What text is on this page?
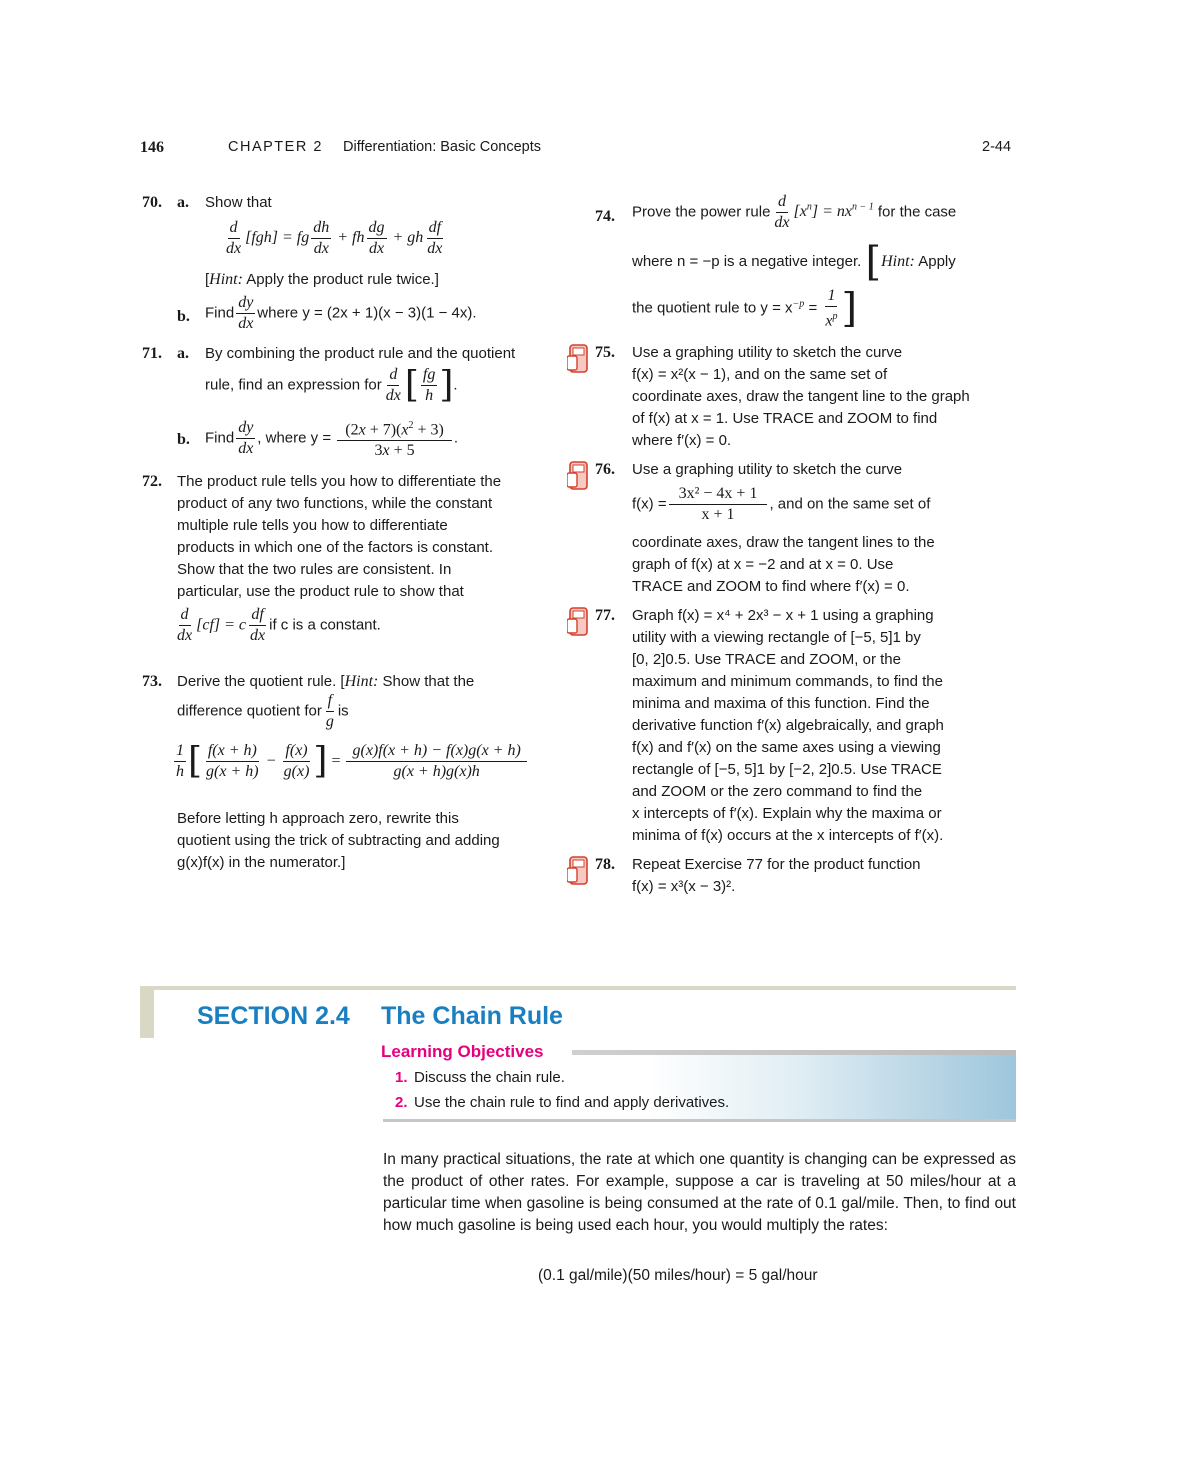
146	CHAPTER 2 Differentiation: Basic Concepts	2-44
70. a. Show that
$\frac{d}{dx} [fgh]$ = fg $\frac{dh}{dx}$ + fh $\frac{dg}{dx}$ + gh $\frac{df}{dx}$
[Hint: Apply the product rule twice.]
b. Find $\frac{dy}{dx}$ where y = (2x + 1)(x − 3)(1 − 4x).
71. a. By combining the product rule and the quotient
rule, find an expression for $\frac{d}{dx}$ [ $\frac{fg}{h}$ ].
b. Find $\frac{dy}{dx}$ , where $y = \frac{(2x + 7)(x^2 + 3)}{3x + 5}$ .
72. The product rule tells you how to differentiate the
product of any two functions, while the constant
multiple rule tells you how to differentiate
products in which one of the factors is constant.
Show that the two rules are consistent. In
particular, use the product rule to show that
$\frac{d}{dx} [cf] = c \frac{df}{dx}$ if c is a constant.
73. Derive the quotient rule. [Hint: Show that the
difference quotient for $\frac{f}{g}$ is
$\frac{1}{h}$ [ $\frac{f(x + h)}{g(x + h)} - \frac{f(x)}{g(x)}$ ] = $\frac{g(x)f(x + h) - f(x)g(x + h)}{g(x + h)g(x)h}$
Before letting h approach zero, rewrite this
quotient using the trick of subtracting and adding
g(x)f(x) in the numerator.]
74. Prove the power rule $\frac{d}{dx} [x^n] = nx^{n - 1}$ for the case
where n = −p is a negative integer. [Hint: Apply
the quotient rule to $y = x^{-p} = \frac{1}{x^p}$ ]
75. Use a graphing utility to sketch the curve
f(x) = x²(x − 1), and on the same set of
coordinate axes, draw the tangent line to the graph
of f(x) at x = 1. Use TRACE and ZOOM to find
where f′(x) = 0.
76. Use a graphing utility to sketch the curve
$f(x) = \frac{\text{3x² − 4x + 1}}{x + 1}$ , and on the same set of
coordinate axes, draw the tangent lines to the
graph of f(x) at x = −2 and at x = 0. Use
TRACE and ZOOM to find where f′(x) = 0.
77. Graph f(x) = x⁴ + 2x³ − x + 1 using a graphing
utility with a viewing rectangle of [−5, 5]1 by
[0, 2]0.5. Use TRACE and ZOOM, or the
maximum and minimum commands, to find the
minima and maxima of this function. Find the
derivative function f′(x) algebraically, and graph
f(x) and f′(x) on the same axes using a viewing
rectangle of [−5, 5]1 by [−2, 2]0.5. Use TRACE
and ZOOM or the zero command to find the
x intercepts of f′(x). Explain why the maxima or
minima of f(x) occurs at the x intercepts of f′(x).
78. Repeat Exercise 77 for the product function
f(x) = x³(x − 3)².
SECTION 2.4 The Chain Rule
Learning Objectives
1. Discuss the chain rule.
2. Use the chain rule to find and apply derivatives.
In many practical situations, the rate at which one quantity is changing can be expressed as the product of other rates. For example, suppose a car is traveling at 50 miles/hour at a particular time when gasoline is being consumed at the rate of 0.1 gal/mile. Then, to find out how much gasoline is being used each hour, you would multiply the rates:
(0.1 gal/mile)(50 miles/hour) = 5 gal/hour
